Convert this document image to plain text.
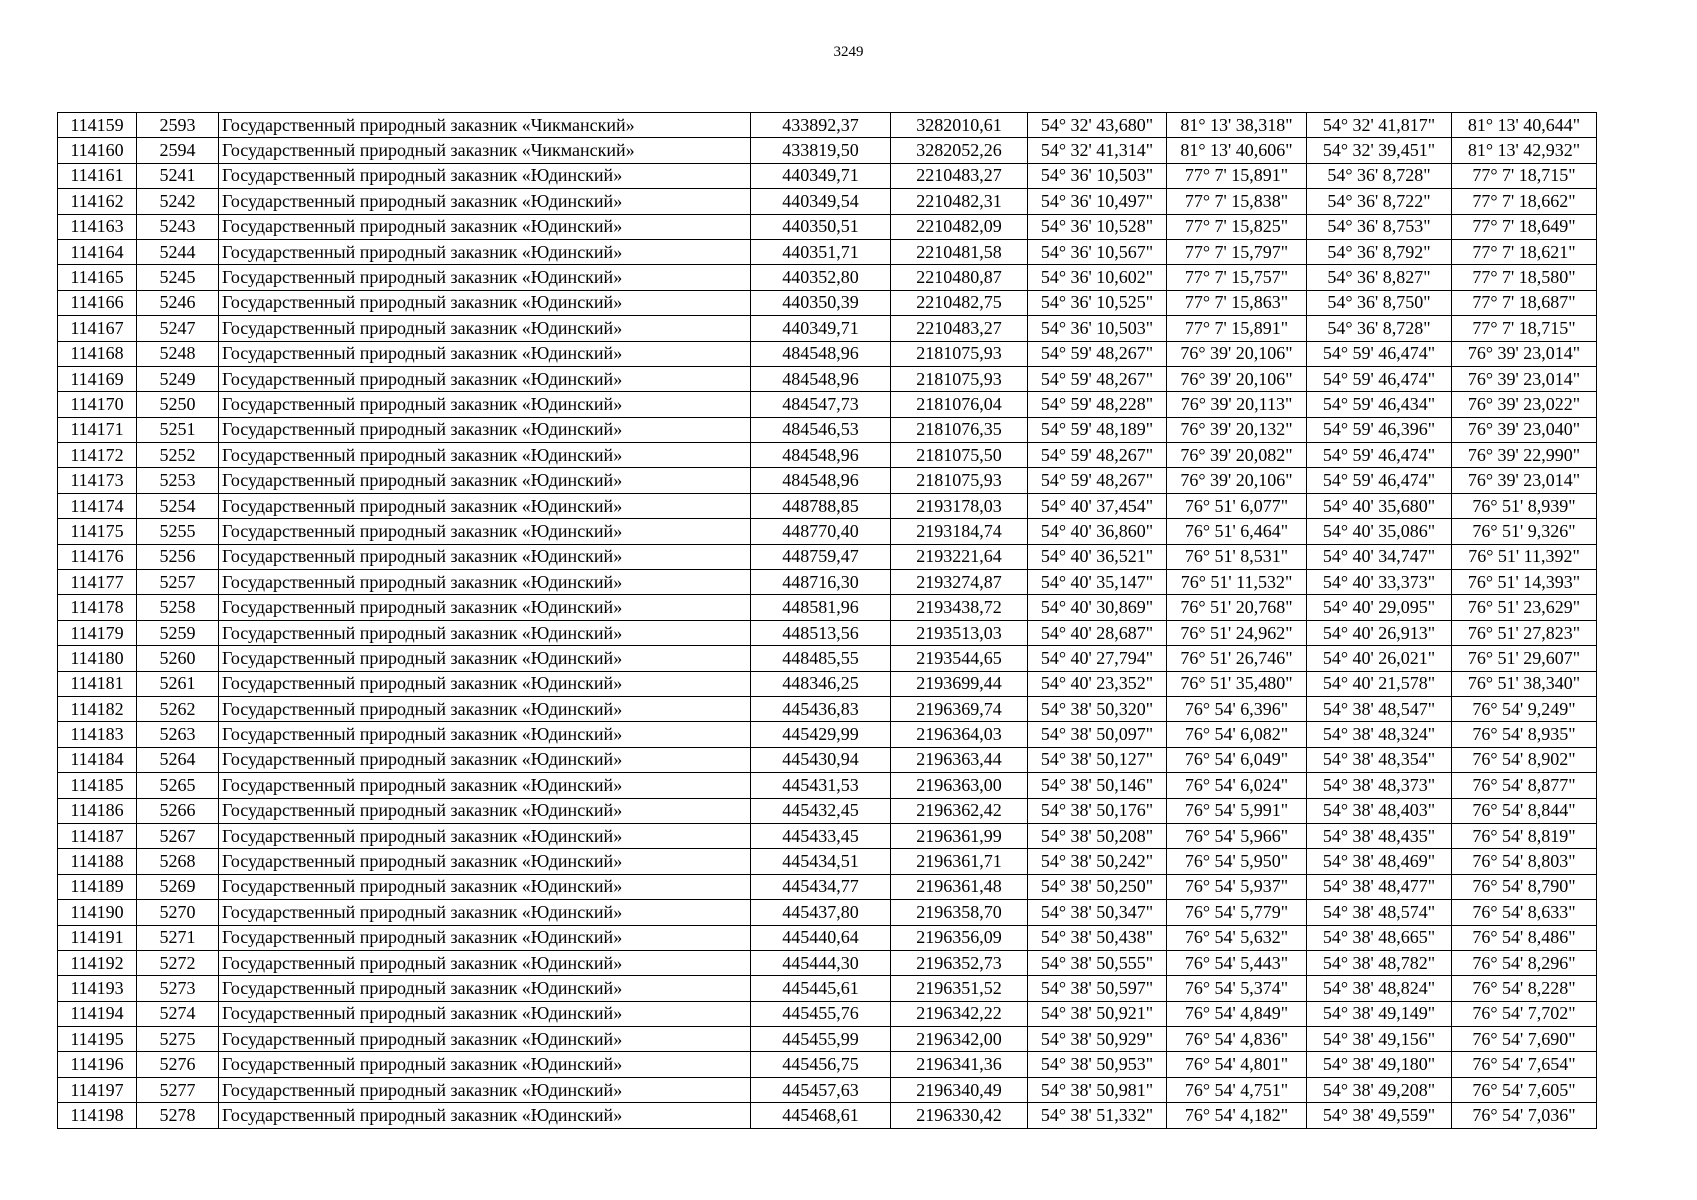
3249
114159	2593	Государственный природный заказник «Чикманский»	433892,37	3282010,61	54° 32' 43,680"	81° 13' 38,318"	54° 32' 41,817"	81° 13' 40,644"
114160	2594	Государственный природный заказник «Чикманский»	433819,50	3282052,26	54° 32' 41,314"	81° 13' 40,606"	54° 32' 39,451"	81° 13' 42,932"
114161	5241	Государственный природный заказник «Юдинский»	440349,71	2210483,27	54° 36' 10,503"	77° 7' 15,891"	54° 36' 8,728"	77° 7' 18,715"
114162	5242	Государственный природный заказник «Юдинский»	440349,54	2210482,31	54° 36' 10,497"	77° 7' 15,838"	54° 36' 8,722"	77° 7' 18,662"
114163	5243	Государственный природный заказник «Юдинский»	440350,51	2210482,09	54° 36' 10,528"	77° 7' 15,825"	54° 36' 8,753"	77° 7' 18,649"
114164	5244	Государственный природный заказник «Юдинский»	440351,71	2210481,58	54° 36' 10,567"	77° 7' 15,797"	54° 36' 8,792"	77° 7' 18,621"
114165	5245	Государственный природный заказник «Юдинский»	440352,80	2210480,87	54° 36' 10,602"	77° 7' 15,757"	54° 36' 8,827"	77° 7' 18,580"
114166	5246	Государственный природный заказник «Юдинский»	440350,39	2210482,75	54° 36' 10,525"	77° 7' 15,863"	54° 36' 8,750"	77° 7' 18,687"
114167	5247	Государственный природный заказник «Юдинский»	440349,71	2210483,27	54° 36' 10,503"	77° 7' 15,891"	54° 36' 8,728"	77° 7' 18,715"
114168	5248	Государственный природный заказник «Юдинский»	484548,96	2181075,93	54° 59' 48,267"	76° 39' 20,106"	54° 59' 46,474"	76° 39' 23,014"
114169	5249	Государственный природный заказник «Юдинский»	484548,96	2181075,93	54° 59' 48,267"	76° 39' 20,106"	54° 59' 46,474"	76° 39' 23,014"
114170	5250	Государственный природный заказник «Юдинский»	484547,73	2181076,04	54° 59' 48,228"	76° 39' 20,113"	54° 59' 46,434"	76° 39' 23,022"
114171	5251	Государственный природный заказник «Юдинский»	484546,53	2181076,35	54° 59' 48,189"	76° 39' 20,132"	54° 59' 46,396"	76° 39' 23,040"
114172	5252	Государственный природный заказник «Юдинский»	484548,96	2181075,50	54° 59' 48,267"	76° 39' 20,082"	54° 59' 46,474"	76° 39' 22,990"
114173	5253	Государственный природный заказник «Юдинский»	484548,96	2181075,93	54° 59' 48,267"	76° 39' 20,106"	54° 59' 46,474"	76° 39' 23,014"
114174	5254	Государственный природный заказник «Юдинский»	448788,85	2193178,03	54° 40' 37,454"	76° 51' 6,077"	54° 40' 35,680"	76° 51' 8,939"
114175	5255	Государственный природный заказник «Юдинский»	448770,40	2193184,74	54° 40' 36,860"	76° 51' 6,464"	54° 40' 35,086"	76° 51' 9,326"
114176	5256	Государственный природный заказник «Юдинский»	448759,47	2193221,64	54° 40' 36,521"	76° 51' 8,531"	54° 40' 34,747"	76° 51' 11,392"
114177	5257	Государственный природный заказник «Юдинский»	448716,30	2193274,87	54° 40' 35,147"	76° 51' 11,532"	54° 40' 33,373"	76° 51' 14,393"
114178	5258	Государственный природный заказник «Юдинский»	448581,96	2193438,72	54° 40' 30,869"	76° 51' 20,768"	54° 40' 29,095"	76° 51' 23,629"
114179	5259	Государственный природный заказник «Юдинский»	448513,56	2193513,03	54° 40' 28,687"	76° 51' 24,962"	54° 40' 26,913"	76° 51' 27,823"
114180	5260	Государственный природный заказник «Юдинский»	448485,55	2193544,65	54° 40' 27,794"	76° 51' 26,746"	54° 40' 26,021"	76° 51' 29,607"
114181	5261	Государственный природный заказник «Юдинский»	448346,25	2193699,44	54° 40' 23,352"	76° 51' 35,480"	54° 40' 21,578"	76° 51' 38,340"
114182	5262	Государственный природный заказник «Юдинский»	445436,83	2196369,74	54° 38' 50,320"	76° 54' 6,396"	54° 38' 48,547"	76° 54' 9,249"
114183	5263	Государственный природный заказник «Юдинский»	445429,99	2196364,03	54° 38' 50,097"	76° 54' 6,082"	54° 38' 48,324"	76° 54' 8,935"
114184	5264	Государственный природный заказник «Юдинский»	445430,94	2196363,44	54° 38' 50,127"	76° 54' 6,049"	54° 38' 48,354"	76° 54' 8,902"
114185	5265	Государственный природный заказник «Юдинский»	445431,53	2196363,00	54° 38' 50,146"	76° 54' 6,024"	54° 38' 48,373"	76° 54' 8,877"
114186	5266	Государственный природный заказник «Юдинский»	445432,45	2196362,42	54° 38' 50,176"	76° 54' 5,991"	54° 38' 48,403"	76° 54' 8,844"
114187	5267	Государственный природный заказник «Юдинский»	445433,45	2196361,99	54° 38' 50,208"	76° 54' 5,966"	54° 38' 48,435"	76° 54' 8,819"
114188	5268	Государственный природный заказник «Юдинский»	445434,51	2196361,71	54° 38' 50,242"	76° 54' 5,950"	54° 38' 48,469"	76° 54' 8,803"
114189	5269	Государственный природный заказник «Юдинский»	445434,77	2196361,48	54° 38' 50,250"	76° 54' 5,937"	54° 38' 48,477"	76° 54' 8,790"
114190	5270	Государственный природный заказник «Юдинский»	445437,80	2196358,70	54° 38' 50,347"	76° 54' 5,779"	54° 38' 48,574"	76° 54' 8,633"
114191	5271	Государственный природный заказник «Юдинский»	445440,64	2196356,09	54° 38' 50,438"	76° 54' 5,632"	54° 38' 48,665"	76° 54' 8,486"
114192	5272	Государственный природный заказник «Юдинский»	445444,30	2196352,73	54° 38' 50,555"	76° 54' 5,443"	54° 38' 48,782"	76° 54' 8,296"
114193	5273	Государственный природный заказник «Юдинский»	445445,61	2196351,52	54° 38' 50,597"	76° 54' 5,374"	54° 38' 48,824"	76° 54' 8,228"
114194	5274	Государственный природный заказник «Юдинский»	445455,76	2196342,22	54° 38' 50,921"	76° 54' 4,849"	54° 38' 49,149"	76° 54' 7,702"
114195	5275	Государственный природный заказник «Юдинский»	445455,99	2196342,00	54° 38' 50,929"	76° 54' 4,836"	54° 38' 49,156"	76° 54' 7,690"
114196	5276	Государственный природный заказник «Юдинский»	445456,75	2196341,36	54° 38' 50,953"	76° 54' 4,801"	54° 38' 49,180"	76° 54' 7,654"
114197	5277	Государственный природный заказник «Юдинский»	445457,63	2196340,49	54° 38' 50,981"	76° 54' 4,751"	54° 38' 49,208"	76° 54' 7,605"
114198	5278	Государственный природный заказник «Юдинский»	445468,61	2196330,42	54° 38' 51,332"	76° 54' 4,182"	54° 38' 49,559"	76° 54' 7,036"
